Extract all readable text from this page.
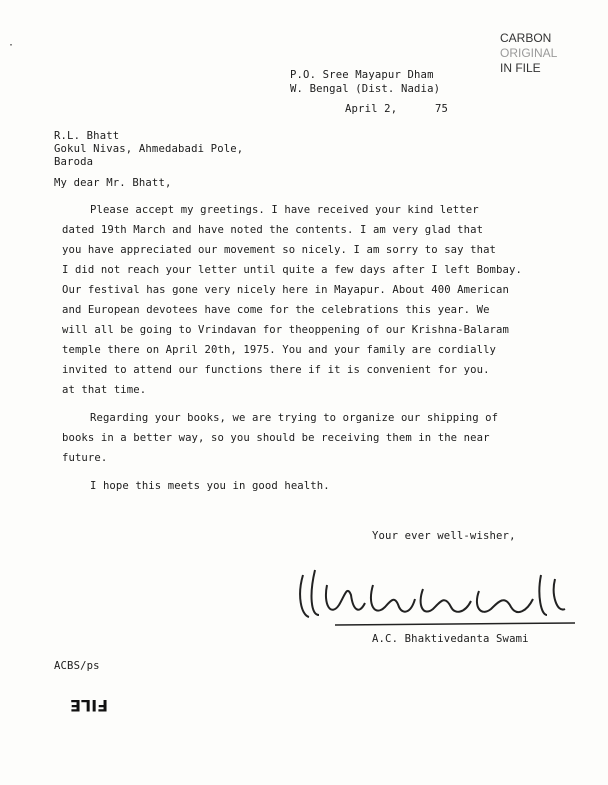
·
CARBON
ORIGINAL
IN FILE
P.O. Sree Mayapur Dham
W. Bengal (Dist. Nadia)
April 2,	75
R.L. Bhatt
Gokul Nivas, Ahmedabadi Pole,
Baroda
My dear Mr. Bhatt,
Please accept my greetings. I have received your kind letter
dated 19th March and have noted the contents. I am very glad that
you have appreciated our movement so nicely. I am sorry to say that
I did not reach your letter until quite a few days after I left Bombay.
Our festival has gone very nicely here in Mayapur. About 400 American
and European devotees have come for the celebrations this year. We
will all be going to Vrindavan for theoppening of our Krishna-Balaram
temple there on April 20th, 1975. You and your family are cordially
invited to attend our functions there if it is convenient for you.
at that time.
Regarding your books, we are trying to organize our shipping of
books in a better way, so you should be receiving them in the near
future.
I hope this meets you in good health.
Your ever well-wisher,
A.C. Bhaktivedanta Swami
ACBS/ps
FILE
